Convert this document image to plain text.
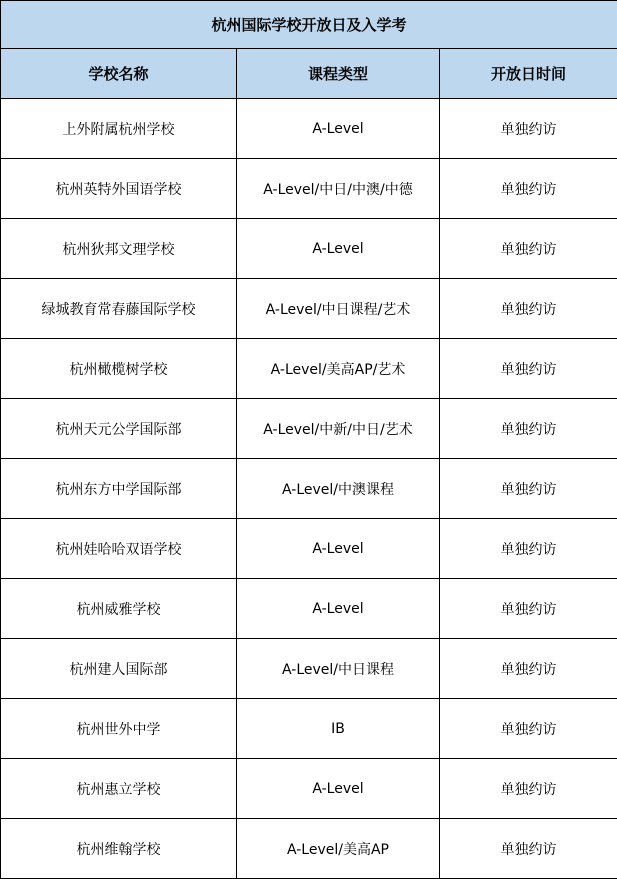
杭州国际学校开放日及入学考		
学校名称	课程类型	开放日时间
上外附属杭州学校	A-Level	单独约访
杭州英特外国语学校	A-Level/中日/中澳/中德	单独约访
杭州狄邦文理学校	A-Level	单独约访
绿城教育常春藤国际学校	A-Level/中日课程/艺术	单独约访
杭州橄榄树学校	A-Level/美高AP/艺术	单独约访
杭州天元公学国际部	A-Level/中新/中日/艺术	单独约访
杭州东方中学国际部	A-Level/中澳课程	单独约访
杭州娃哈哈双语学校	A-Level	单独约访
杭州威雅学校	A-Level	单独约访
杭州建人国际部	A-Level/中日课程	单独约访
杭州世外中学	IB	单独约访
杭州惠立学校	A-Level	单独约访
杭州维翰学校	A-Level/美高AP	单独约访
